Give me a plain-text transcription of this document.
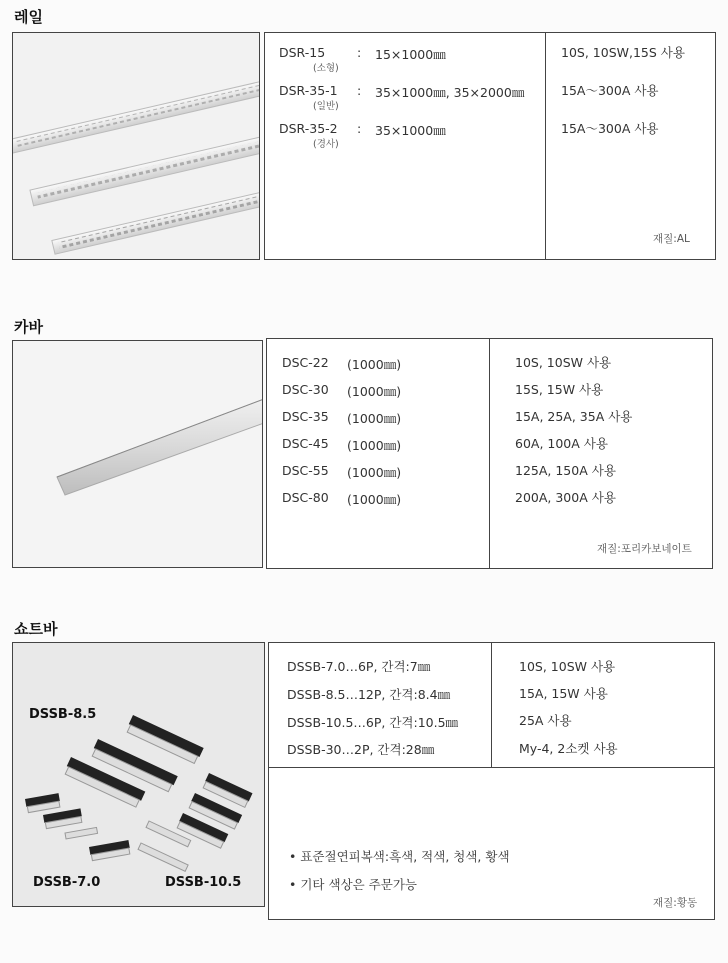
레일
DSR-15
(소형)
: 15×1000㎜	10S, 10SW,15S 사용
DSR-35-1
(일반)
: 35×1000㎜, 35×2000㎜	15A～300A 사용
DSR-35-2
(경사)
: 35×1000㎜	15A～300A 사용
재질:AL
카바
DSC-22 (1000㎜)	10S, 10SW 사용
DSC-30 (1000㎜)	15S, 15W 사용
DSC-35 (1000㎜)	15A, 25A, 35A 사용
DSC-45 (1000㎜)	60A, 100A 사용
DSC-55 (1000㎜)	125A, 150A 사용
DSC-80 (1000㎜)	200A, 300A 사용
재질:포리카보네이트
쇼트바
DSSB-8.5
DSSB-7.0	DSSB-10.5
DSSB-7.0…6P, 간격:7㎜	10S, 10SW 사용
DSSB-8.5…12P, 간격:8.4㎜	15A, 15W 사용
DSSB-10.5…6P, 간격:10.5㎜	25A 사용
DSSB-30…2P, 간격:28㎜	My-4, 2소켓 사용
• 표준절연피복색:흑색, 적색, 청색, 황색
• 기타 색상은 주문가능
재질:황동
